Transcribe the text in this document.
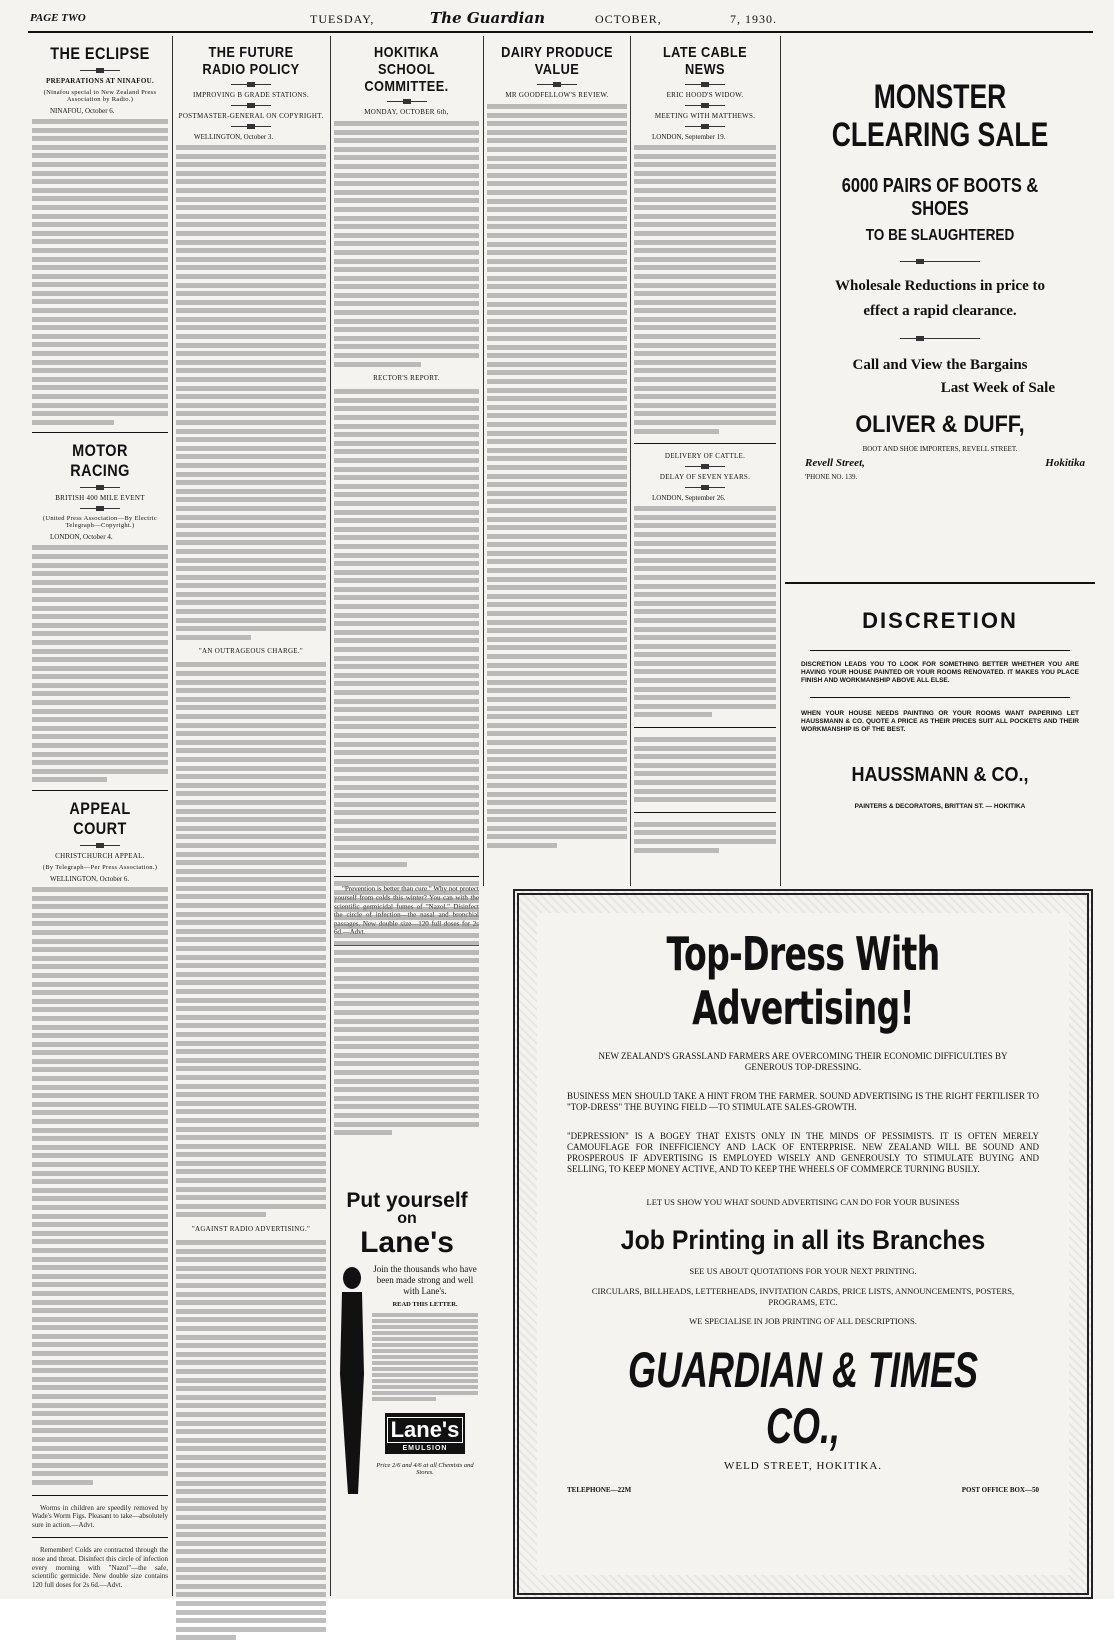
PAGE TWO	TUESDAY,	The Guardian	OCTOBER,	7, 1930.
THE ECLIPSE
PREPARATIONS AT NINAFOU.
(Ninafou special to New Zealand Press Association by Radio.)
NINAFOU, October 6.
MOTOR RACING
BRITISH 400 MILE EVENT
(United Press Association—By Electric Telegraph—Copyright.)
LONDON, October 4.
APPEAL COURT
CHRISTCHURCH APPEAL.
(By Telegraph—Per Press Association.)
WELLINGTON, October 6.

Worms in children are speedily removed by Wade's Worm Figs. Pleasant to take—absolutely sure in action.—Advt.

Remember! Colds are contracted through the nose and throat. Disinfect this circle of infection every morning with "Nazol"—the safe, scientific germicide. New double size contains 120 full doses for 2s 6d.—Advt.

THE FUTURE RADIO POLICY
IMPROVING B GRADE STATIONS.
POSTMASTER-GENERAL ON COPYRIGHT.
WELLINGTON, October 3.
"AN OUTRAGEOUS CHARGE."
"AGAINST RADIO ADVERTISING."
HOKITIKA SCHOOL COMMITTEE.
MONDAY, OCTOBER 6th,
RECTOR'S REPORT.

Put yourself
on
Lane's
Join the thousands who have been made strong and well with Lane's.
READ THIS LETTER.
Lane's
EMULSION
Price 2/6 and 4/6 at all Chemists and Stores.
DAIRY PRODUCE VALUE
MR GOODFELLOW'S REVIEW.
LATE CABLE NEWS
ERIC HOOD'S WIDOW.
MEETING WITH MATTHEWS.
LONDON, September 19.
DELIVERY OF CATTLE.
DELAY OF SEVEN YEARS.
LONDON, September 26.
MONSTER
CLEARING SALE
6000 PAIRS OF BOOTS & SHOES
TO BE SLAUGHTERED
Wholesale Reductions in price to
effect a rapid clearance.
Call and View the Bargains
Last Week of Sale
OLIVER & DUFF,
BOOT AND SHOE IMPORTERS, REVELL STREET.
Revell Street,	Hokitika
'PHONE NO. 139.
DISCRETION
DISCRETION LEADS YOU TO LOOK FOR SOMETHING BETTER WHETHER YOU ARE HAVING YOUR HOUSE PAINTED OR YOUR ROOMS RENOVATED. IT MAKES YOU PLACE FINISH AND WORKMANSHIP ABOVE ALL ELSE.
WHEN YOUR HOUSE NEEDS PAINTING OR YOUR ROOMS WANT PAPERING LET HAUSSMANN & CO. QUOTE A PRICE AS THEIR PRICES SUIT ALL POCKETS AND THEIR WORKMANSHIP IS OF THE BEST.
HAUSSMANN & CO.,
PAINTERS & DECORATORS, BRITTAN ST. — HOKITIKA
Top-Dress With Advertising!
NEW ZEALAND'S GRASSLAND FARMERS ARE OVERCOMING THEIR ECONOMIC DIFFICULTIES BY GENEROUS TOP-DRESSING.
BUSINESS MEN SHOULD TAKE A HINT FROM THE FARMER. SOUND ADVERTISING IS THE RIGHT FERTILISER TO "TOP-DRESS" THE BUYING FIELD —TO STIMULATE SALES-GROWTH.
"DEPRESSION" IS A BOGEY THAT EXISTS ONLY IN THE MINDS OF PESSIMISTS. IT IS OFTEN MERELY CAMOUFLAGE FOR INEFFICIENCY AND LACK OF ENTERPRISE. NEW ZEALAND WILL BE SOUND AND PROSPEROUS IF ADVERTISING IS EMPLOYED WISELY AND GENEROUSLY TO STIMULATE BUYING AND SELLING, TO KEEP MONEY ACTIVE, AND TO KEEP THE WHEELS OF COMMERCE TURNING BUSILY.
LET US SHOW YOU WHAT SOUND ADVERTISING CAN DO FOR YOUR BUSINESS
Job Printing in all its Branches
SEE US ABOUT QUOTATIONS FOR YOUR NEXT PRINTING.
CIRCULARS, BILLHEADS, LETTERHEADS, INVITATION CARDS, PRICE LISTS, ANNOUNCEMENTS, POSTERS, PROGRAMS, ETC.
WE SPECIALISE IN JOB PRINTING OF ALL DESCRIPTIONS.
GUARDIAN & TIMES CO.,
WELD STREET, HOKITIKA.
TELEPHONE—22M	POST OFFICE BOX—50
